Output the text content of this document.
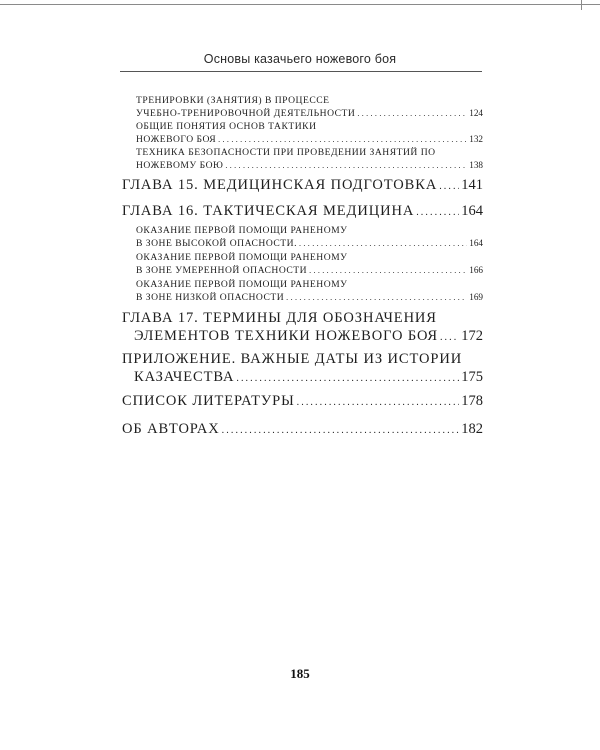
Основы казачьего ножевого боя
ТРЕНИРОВКИ (ЗАНЯТИЯ) В ПРОЦЕССЕ
УЧЕБНО-ТРЕНИРОВОЧНОЙ ДЕЯТЕЛЬНОСТИ . . .	124
ОБЩИЕ ПОНЯТИЯ ОСНОВ ТАКТИКИ
НОЖЕВОГО БОЯ . . .	132
ТЕХНИКА БЕЗОПАСНОСТИ ПРИ ПРОВЕДЕНИИ ЗАНЯТИЙ ПО
НОЖЕВОМУ БОЮ . . .	138
ГЛАВА 15. МЕДИЦИНСКАЯ ПОДГОТОВКА . . . 141
ГЛАВА 16. ТАКТИЧЕСКАЯ МЕДИЦИНА . . .	164
ОКАЗАНИЕ ПЕРВОЙ ПОМОЩИ РАНЕНОМУ
В ЗОНЕ ВЫСОКОЙ ОПАСНОСТИ. . . .	164
ОКАЗАНИЕ ПЕРВОЙ ПОМОЩИ РАНЕНОМУ
В ЗОНЕ УМЕРЕННОЙ ОПАСНОСТИ . . .	166
ОКАЗАНИЕ ПЕРВОЙ ПОМОЩИ РАНЕНОМУ
В ЗОНЕ НИЗКОЙ ОПАСНОСТИ . . .	169
ГЛАВА 17. ТЕРМИНЫ ДЛЯ ОБОЗНАЧЕНИЯ
ЭЛЕМЕНТОВ ТЕХНИКИ НОЖЕВОГО БОЯ . . . 172
ПРИЛОЖЕНИЕ. ВАЖНЫЕ ДАТЫ ИЗ ИСТОРИИ
КАЗАЧЕСТВА . . .	175
СПИСОК ЛИТЕРАТУРЫ . . .	178
ОБ АВТОРАХ . . .	182
185
